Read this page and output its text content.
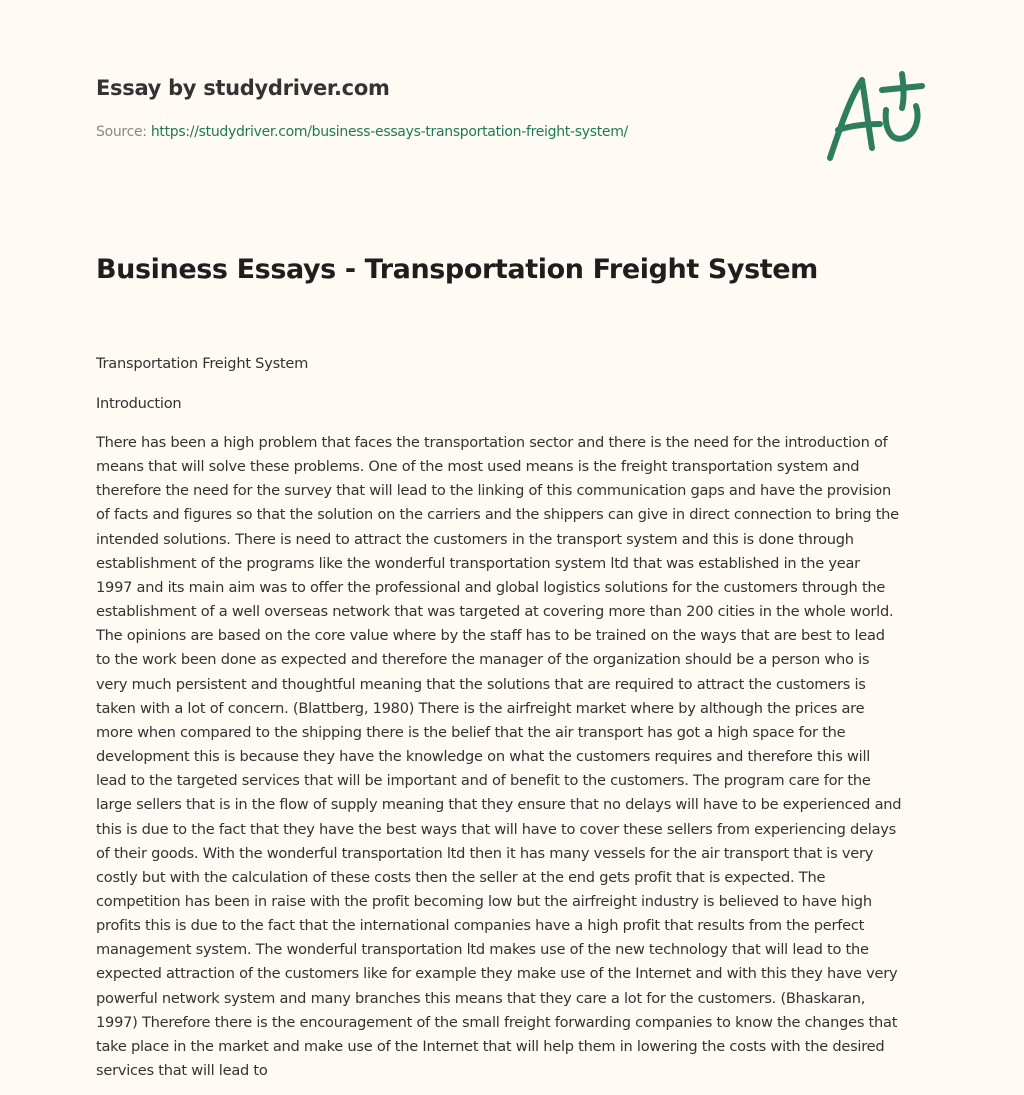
Essay by studydriver.com
Source: https://studydriver.com/business-essays-transportation-freight-system/
Business Essays - Transportation Freight System
Transportation Freight System
Introduction
There has been a high problem that faces the transportation sector and there is the need for the introduction of
means that will solve these problems. One of the most used means is the freight transportation system and
therefore the need for the survey that will lead to the linking of this communication gaps and have the provision
of facts and figures so that the solution on the carriers and the shippers can give in direct connection to bring the
intended solutions. There is need to attract the customers in the transport system and this is done through
establishment of the programs like the wonderful transportation system ltd that was established in the year
1997 and its main aim was to offer the professional and global logistics solutions for the customers through the
establishment of a well overseas network that was targeted at covering more than 200 cities in the whole world.
The opinions are based on the core value where by the staff has to be trained on the ways that are best to lead
to the work been done as expected and therefore the manager of the organization should be a person who is
very much persistent and thoughtful meaning that the solutions that are required to attract the customers is
taken with a lot of concern. (Blattberg, 1980) There is the airfreight market where by although the prices are
more when compared to the shipping there is the belief that the air transport has got a high space for the
development this is because they have the knowledge on what the customers requires and therefore this will
lead to the targeted services that will be important and of benefit to the customers. The program care for the
large sellers that is in the flow of supply meaning that they ensure that no delays will have to be experienced and
this is due to the fact that they have the best ways that will have to cover these sellers from experiencing delays
of their goods. With the wonderful transportation ltd then it has many vessels for the air transport that is very
costly but with the calculation of these costs then the seller at the end gets profit that is expected. The
competition has been in raise with the profit becoming low but the airfreight industry is believed to have high
profits this is due to the fact that the international companies have a high profit that results from the perfect
management system. The wonderful transportation ltd makes use of the new technology that will lead to the
expected attraction of the customers like for example they make use of the Internet and with this they have very
powerful network system and many branches this means that they care a lot for the customers. (Bhaskaran,
1997) Therefore there is the encouragement of the small freight forwarding companies to know the changes that
take place in the market and make use of the Internet that will help them in lowering the costs with the desired
services that will lead to
